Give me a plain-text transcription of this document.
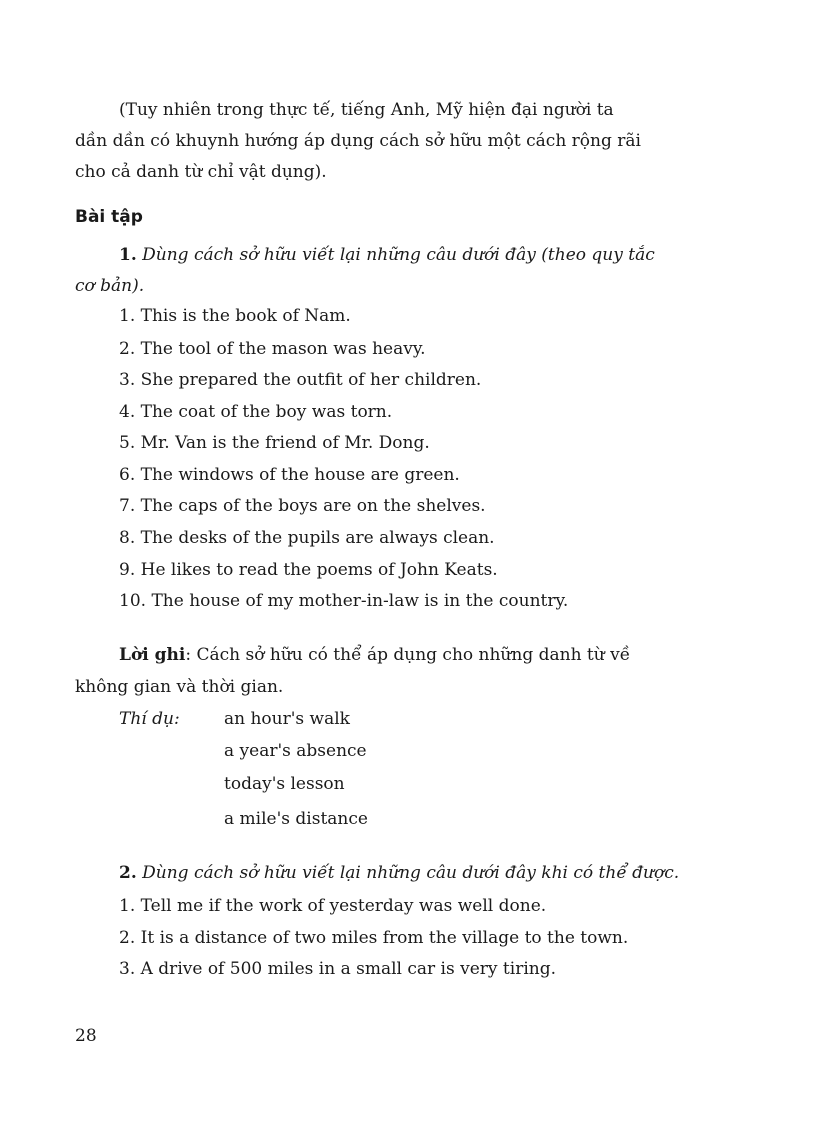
(Tuy nhiên trong thực tế, tiếng Anh, Mỹ hiện đại người ta
dần dần có khuynh hướng áp dụng cách sở hữu một cách rộng rãi
cho cả danh từ chỉ vật dụng).
Bài tập
1. Dùng cách sở hữu viết lại những câu dưới đây (theo quy tắc
cơ bản).
1. This is the book of Nam.
2. The tool of the mason was heavy.
3. She prepared the outfit of her children.
4. The coat of the boy was torn.
5. Mr. Van is the friend of Mr. Dong.
6. The windows of the house are green.
7. The caps of the boys are on the shelves.
8. The desks of the pupils are always clean.
9. He likes to read the poems of John Keats.
10. The house of my mother-in-law is in the country.
Lời ghi: Cách sở hữu có thể áp dụng cho những danh từ về
không gian và thời gian.
Thí dụ:	an hour's walk
a year's absence
today's lesson
a mile's distance
2. Dùng cách sở hữu viết lại những câu dưới đây khi có thể được.
1. Tell me if the work of yesterday was well done.
2. It is a distance of two miles from the village to the town.
3. A drive of 500 miles in a small car is very tiring.
28
